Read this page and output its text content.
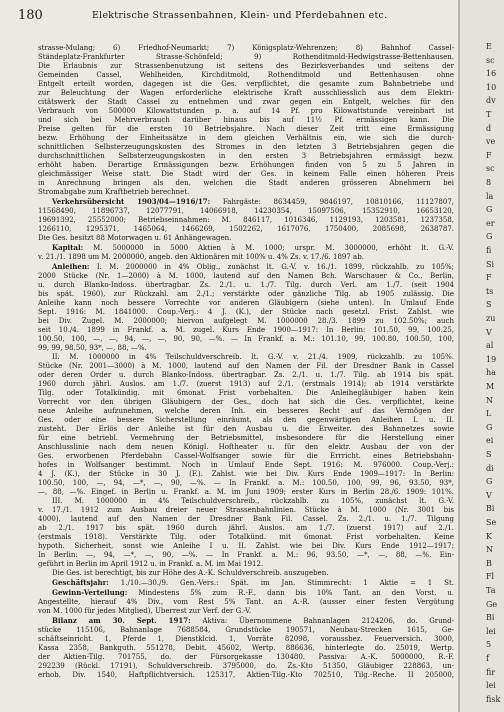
180	Elektrische Strassenbahnen, Klein- und Pferdebahnen etc.
strasse-Mulang; 6) Friedhof-Neumarkt; 7) Königsplatz-Wehrenzen; 8) Bahnhof Cassel-
Ständeplatz-Frankfurter Strasse-Schönfeld; 9) Rothenditmold-Hedwigstrasse-Bettenhausen.
Die Erlaubnis zur Strassenbenutzung ist seitens des Bezirksverbandes und seitens der
Gemeinden Cassel, Wehlheiden, Kirchditmold, Rothenditmold und Bettenhausen ohne
Entgelt erteilt worden, dagegen ist die Ges. verpflichtet, die gesamte zum Bahnbetriebe und
zur Beleuchtung der Wagen erforderliche elektrische Kraft ausschliesslich aus dem Elektri-
citätswerk der Stadt Cassel zu entnehmen und zwar gegen ein Entgelt, welches für den
Verbrauch von 500000 Kilowattstunden p. a. auf 14 Pf. pro Kilowattstunde vereinbart ist
und sich bei Mehrverbrauch darüber hinaus bis auf 11½ Pf. ermässigen kann. Die
Preise gelten für die ersten 10 Betriebsjahre. Nach dieser Zeit tritt eine Ermässigung
bezw. Erhöhung der Einheitssätze in dem gleichen Verhältnis ein, wie sich die durch-
schnittlichen Selbsterzeugungskosten des Stromes in den letzten 3 Betriebsjahren gegen die
durchschnittlichen Selbsterzeugungskosten in den ersten 3 Betriebsjahren ermässigt bezw.
erhöht haben. Derartige Ermässigungen bezw. Erhöhungen finden von 5 zu 5 Jahren in
gleichmässiger Weise statt. Die Stadt wird der Ges. in keinem Falle einen höheren Preis
in Anrechnung bringen als den, welchen die Stadt anderen grösseren Abnehmern bei
Stromabgabe zum Kraftbetrieb berechnet.
Verkehrsübersicht 1903/04—1916/17: Fahrgäste: 8634459, 9846197, 10810166, 11127807,
11568490, 11896737, 12077791, 14066918, 14230354, 15097506, 15352910, 16653120,
19691392, 25552000; Betriebseinnahmen: M. 846117, 1016346, 1129193, 1203581, 1237358,
1266110, 1295371, 1465064, 1466269, 1502262, 1617076, 1750400, 2085698, 2638787.
Die Ges. besitzt 88 Motorwagen u. 61 Anhängewagen.
Kapital: M. 5000000 in 5000 Aktien à M. 1000; urspr. M. 3000000, erhöht lt. G.-V.
v. 21./1. 1898 um M. 2000000, angeb. den Aktionären mit 100% u. 4% Zs. v. 17./6. 1897 ab.
Anleihen: I. M. 2000000 in 4% Oblig., zunächst lt. G.-V. v. 16./1. 1899, rückzahlb. zu 105%;
2000 Stücke (Nr. 1—2000) à M. 1000, lautend auf den Namen Bch. Warschauer & Co., Berlin,
u. durch Blanko-Indoss. übertragbar. Zs. 2./1. u. 1./7. Tilg. durch Verl. am 1./7. (seit 1904
bis spät. 1960), zur Rückzahl. am 2./1.; verstärkte oder gänzliche Tilg. ab 1905 zulässig. Die
Anleihe kann noch bessere Vorrechte vor anderen Gläubigern (siehe unten). In Umlauf Ende
Sept. 1916: M. 1841000. Coup.-Verj.: 4 J. (K.), der Stücke nach gesetzl. Frist. Zahlst. wie
bei Div. Zugel. M. 2000000; hiervon aufgelegt M. 1000000 28./3. 1899 zu 102.50%; auch
seit 10./4. 1899 in Frankf. a. M. zugel. Kurs Ende 1900—1917: In Berlin: 101.50, 99, 100.25,
100.50, 100, —, —, 94, —, —, 90, 90, —%. — In Frankf. a. M.: 101.10, 99, 100.80, 100.50, 100,
99, 99, 98.50, 93*, —, 88, —%.
II. M. 1000000 in 4% Teilschuldverschreib. lt. G.-V. v. 21./4. 1909, rückzahlb. zu 105%.
Stücke (Nr. 2001—3000) à M. 1000, lautend auf den Namen der Fil. der Dresdner Bank in Cassel
oder deren Order u. durch Blanko-Indoss. übertragbar. Zs. 2./1. u. 1./7. Tilg. ab 1914 bis spät.
1960 durch jährl. Auslos. am 1./7. (zuerst 1913) auf 2./1. (erstmals 1914); ab 1914 verstärkte
Tilg. oder Totalkündig. mit 6monat. Frist vorbehalten. Die Anleihegläubiger haben kein
Vorrecht vor den übrigen Gläubigern der Ges., doch hat sich die Ges. verpflichtet, keine
neue Anleihe aufzunehmen, welche deren Inh. ein besseres Recht auf das Vermögen der
Ges. oder eine bessere Sicherstellung einräumt, als den gegenwärtigen Anleihen I. u. II.
zusteht. Der Erlös der Anleihe ist für den Ausbau u. die Erweiter. des Bahnnetzes sowie
für eine betriebl. Vermehrung der Betriebsmittel, insbesondere für die Herstellung einer
Anschlusslinie nach dem neuen Königl. Hoftheater u. für den elektr. Ausbau der von der
Ges. erworbenen Pferdebahn Cassel-Wolfsanger sowie für die Errricht. eines Betriebsbahn-
hofes in Wolfsanger bestimmt. Noch in Umlauf Ende Sept. 1916: M. 976000. Coup.-Verj.:
4 J. (K.), der Stücke in 30 J. (F.). Zahlst. wie bei Div. Kurs Ende 1909—1917: In Berlin:
100.50, 100, —, 94, —*, —, 90, —%. — In Frankf. a. M.: 100.50, 100, 99, 96, 93.50, 93*,
—, 88, —%. Eingef. in Berlin u. Frankf. a. M. im Juni 1909; erster Kurs in Berlin 28./6. 1909: 101%.
III. M. 1000000 in 4% Teilschuldverschreib., rückzahlb. zu 105%, zunächst lt. G.-V.
v. 17./1. 1912 zum Ausbau dreier neuer Strassenbahnlinien. Stücke à M. 1000 (Nr. 3001 bis
4000), lautend auf den Namen der Dresdner Bank Fil. Cassel. Zs. 2./1. u. 1./7. Tilgung
ab 2./1. 1917 bis spät. 1960 durch jährl. Auslos. am 1./7. (zuerst 1917) auf 2./1.
(erstmals 1918). Verstärkte Tilg. oder Totalkünd. mit 6monat. Frist vorbehalten. Keine
hypoth. Sicherheit, sonst wie Anleihe I u. II. Zahlst. wie bei Div. Kurs Ende 1912—1917:
In Berlin: —, 94, —*, —, 90, —%. — In Frankf. a. M.: 96, 93.50, —*, —, 88, —%. Ein-
geführt in Berlin im April 1912 u. in Frankf. a. M. im Mai 1912.
Die Ges. ist berechtigt, bis zur Höhe des A.-K. Schuldverschreib. auszugeben.
Geschäftsjahr: 1./10.—30./9. Gen.-Vers.: Spät. im Jan. Stimmrecht: 1 Aktie = 1 St.
Gewinn-Verteilung: Mindestens 5% zum R.-F., dann bis 10% Tant. an den Vorst. u.
Angestellte, hierauf 4% Div., vom Rest 5% Tant. an A.-R. (ausser einer festen Vergütung
von M. 1000 für jedes Mitglied), Überrest zur Verf. der G.-V.
Bilanz am 30. Sept. 1917: Aktiva: Übernommene Bahnanlagen 2124206, do. Grund-
stücke 115106, Bahnanlage 7688584, Grundstücke 190571, Neubau-Strecken 1615, Ge-
schäftseinricht. 1, Pferde 1, Dienstklcid. 1, Vorräte 82098, voraussbez. Feuerversich. 3000,
Kassa 2358, Bankguth. 551278, Debit. 45602, Wertp. 886636, hinterlegte do. 25019, Wertp.
der Aktien-Tilg. 701755, do. der Fürsorgekasse 130480. Passiva: A.-K. 5000000, R.-F.
292239 (Rückl. 17191), Schuldverschreib. 3795000, do. Zs.-Kto 51350, Gläubiger 228863, un-
erhob. Div. 1540, Haftpflichtversich. 125317, Aktien-Tilg.-Kto 702510, Tilg.-Reche. II 205000,
E
sc
16
10
dv
T
d
ve
F
sc
8
la
G
er
G
fi
Si
F
ts
S
zu
V
al
19
ha
M
N
L
G
ei
S
di
G
V
Bi
Se
K
N
B
Fl
Ta
Ge
Bi
lei
5
f
fir
lei
fisk
